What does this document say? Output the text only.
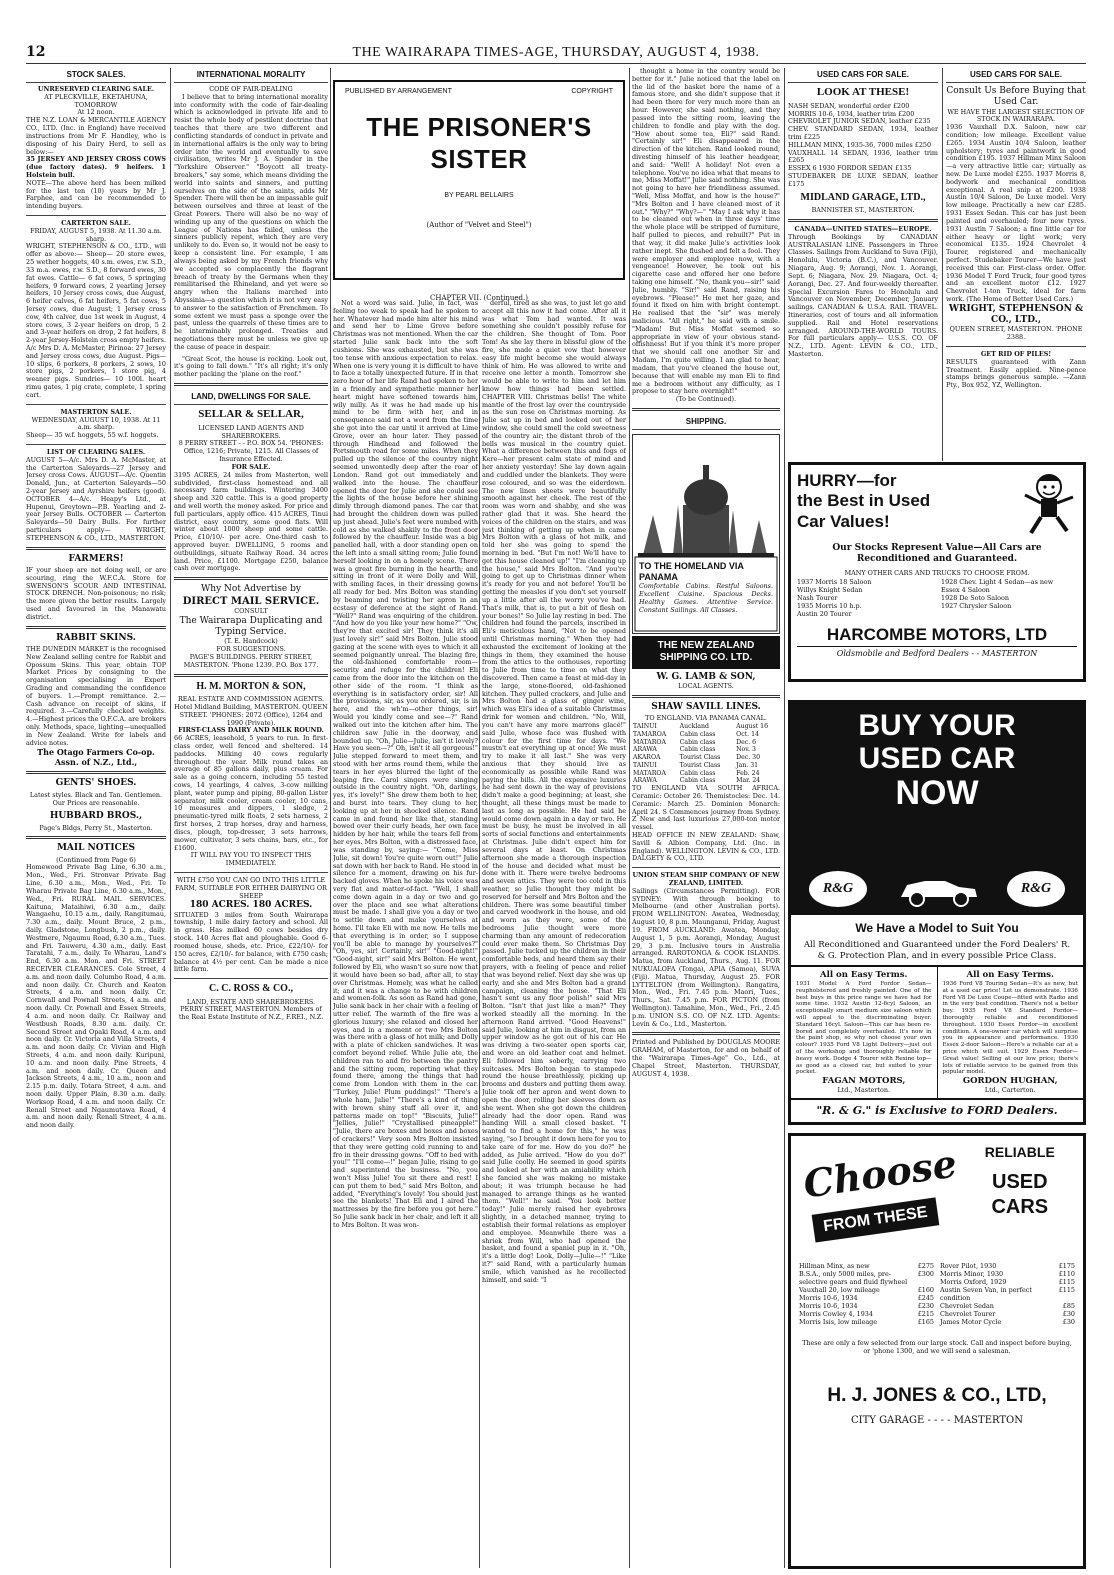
12	THE WAIRARAPA TIMES-AGE, THURSDAY, AUGUST 4, 1938.
STOCK SALES.
UNRESERVED CLEARING SALE.
AT PLECKVILLE, EKETAHUNA, TOMORROW
At 12 noon.

THE N.Z. LOAN & MERCANTILE AGENCY CO., LTD. (Inc. in England) have received instructions from Mr F. Handley, who is disposing of his Dairy Herd, to sell as below:—

35 JERSEY AND JERSEY CROSS COWS (due factory dates). 9 heifers. 1 Holstein bull.

NOTE—The above herd has been milked for the last ten (10) years by Mr J. Farphee, and can be recommended to intending buyers.

CARTERTON SALE.
FRIDAY, AUGUST 5, 1938. At 11.30 a.m. sharp.

WRIGHT, STEPHENSON & CO., LTD., will offer as above:— Sheep— 20 store ewes, 25 wether hoggets, 40 s.m. ewes, r.w. S.D., 33 m.a. ewes, r.w. S.D., 8 forward ewes, 30 fat ewes. Cattle— 6 fat cows, 5 springing heifers, 9 forward cows, 2 yearling Jersey heifers, 10 Jersey cross cows, due August, 6 heifer calves, 6 fat heifers, 5 fat cows, 5 Jersey cows, due August; 1 Jersey cross cow, 4th calver, due 1st week in August, 4 store cows, 3 2-year heifers on drop, 5 2 and 3-year heifers on drop, 2 fat heifers, 8 2-year Jersey-Holstein cross empty heifers. A/c Mrs D. A. McMaster, Pirinoa: 27 Jersey and Jersey cross cows, due August. Pigs— 10 slips, 6 porkers, 8 porkers, 2 sows, 10 store pigs, 2 porkers, 1 store pig, 4 weaner pigs. Sundries— 10 100l. heart rimu gates, 1 pig crate, complete, 1 spring cart.

MASTERTON SALE.
WEDNESDAY, AUGUST 10, 1938. At 11 a.m. sharp.

Sheep— 35 w.f. hoggets, 55 w.f. hoggets.

LIST OF CLEARING SALES.

AUGUST 5—A/c. Mrs D. A. McMaster, at the Carterton Saleyards—27 Jersey and Jersey cross Cows. AUGUST—A/c. Quentin Donald, Jun., at Carterton Saleyards—50 2-year Jersey and Ayrshire heifers (good). OCTOBER 4—A/c. Heapy's Ltd., at Hupenui, Greytown—P.B. Yearling and 2-year Jersey Bulls. OCTOBER — Carterton Saleyards—50 Dairy Bulls. For further particulars apply— WRIGHT, STEPHENSON & CO., LTD., MASTERTON.

FARMERS!

IF your sheep are not doing well, or are scouring, ring the W.F.C.A. Store for SWENSON'S SCOUR AND INTESTINAL STOCK DRENCH. Non-poisonous; no risk; the more given the better results. Largely used and favoured in the Manawatu district.

RABBIT SKINS.

THE DUNEDIN MARKET is the recognised New Zealand selling centre for Rabbit and Opossum Skins. This year, obtain TOP Market Prices by consigning to the organisation specialising in Expert Grading and commanding the confidence of buyers. 1.—Prompt remittance. 2.—Cash advance on receipt of skins, if required. 3.—Carefully checked weights. 4.—Highest prices the O.F.C.A. are brokers only. Methods, space, lighting—unequalled in New Zealand. Write for labels and advice notes.

The Otago Farmers Co-op. Assn. of N.Z., Ltd.,
GENTS' SHOES.

Latest styles. Black and Tan. Gentlemen. Our Prices are reasonable.

HUBBARD BROS.,

Page's Bldgs, Perry St., Masterton.

MAIL NOTICES
(Continued from Page 6)

Homewood Private Bag Line, 6.30 a.m., Mon., Wed., Fri. Stronvar Private Bag Line, 6.30 a.m., Mon., Wed., Fri. Te Wharau Private Bag Line, 6.30 a.m., Mon., Wed., Fri. RURAL MAIL SERVICES. Kaituna, Mataihiwi, 6.30 a.m., daily. Wangaehu, 10.15 a.m., daily. Rangitumau, 7.30 a.m., daily. Mount Bruce, 2 p.m., daily. Gladstone, Longbush, 2 p.m., daily. Westmere, Ngaumu Road, 6.30 a.m., Tues. and Fri. Tauweru, 4.30 a.m., daily. East Taratahi, 7 a.m., daily. Te Wharau, Land's End, 6.30 a.m. Mon. and Fri. STREET RECEIVER CLEARANCES. Cole Street, 4 a.m. and noon daily. Columbo Road, 4 a.m. and noon daily. Cr. Church and Keaton Streets, 4 a.m. and noon daily. Cr. Cornwall and Pownall Streets, 4 a.m. and noon daily. Cr. Pownall and Essex Streets, 4 a.m. and noon daily. Cr. Railway and Westbush Roads, 8.30 a.m. daily. Cr. Second Street and Opaki Road, 4 a.m. and noon daily. Cr. Victoria and Villa Streets, 4 a.m. and noon daily. Cr. Vivian and High Streets, 4 a.m. and noon daily. Kuripuni, 10 a.m. and noon daily. Pine Streets, 4 a.m. and noon daily. Cr. Queen and Jackson Streets, 4 a.m., 10 a.m., noon and 2.15 p.m. daily. Totara Street, 4 a.m. and noon daily. Upper Plain, 8.30 a.m. daily. Worksop Road, 4 a.m. and noon daily. Cr. Renall Street and Ngaumutawa Road, 4 a.m. and noon daily. Renall Street, 4 a.m. and noon daily.

INTERNATIONAL MORALITY
CODE OF FAIR-DEALING

I believe that to bring international morality into conformity with the code of fair-dealing which is acknowledged in private life and to resist the whole body of pestilent doctrine that teaches that there are two different and conflicting standards of conduct in private and in international affairs is the only way to bring order into the world and eventually to save civilisation, writes Mr J. A. Spender in the "Yorkshire Observer." "Boycott all treaty-breakers," say some, which means dividing the world into saints and sinners, and putting ourselves on the side of the saints, adds Mr Spender. There will then be an impassable gulf between ourselves and three at least of the Great Powers. There will also be no way of winding up any of the questions on which the League of Nations has failed, unless the sinners publicly repent, which they are very unlikely to do. Even so, it would not be easy to keep a consistent line. For example, I am always being asked by my French friends why we accepted so complacently the flagrant breach of treaty by the Germans when they remilitarised the Rhineland, and yet were so angry when the Italians marched into Abyssinia—a question which it is not very easy to answer to the satisfaction of Frenchmen. To some extent we must pass a sponge over the past, unless the quarrels of these times are to be interminably prolonged. Treaties and negotiations there must be unless we give up the cause of peace in despair.

"Great Scot, the house is rocking. Look out, it's going to fall down." "It's all right; it's only mother packing the 'plane on the roof."

LAND, DWELLINGS FOR SALE.
SELLAR & SELLAR,
LICENSED LAND AGENTS AND SHAREBROKERS.
8 PERRY STREET - - P.O. BOX 54. 'PHONES: Office, 1216; Private, 1215. All Classes of Insurance Effected.
FOR SALE.

3195 ACRES, 24 miles from Masterton, well subdivided, first-class homestead and all necessary farm buildings. Wintering 3400 sheep and 320 cattle. This is a good property and well worth the money asked. For price and full particulars, apply office. 415 ACRES, Tinui district, easy country, some good flats. Will winter about 1000 sheep and some cattle. Price, £10/10/- per acre. One-third cash to approved buyer. DWELLING, 5 rooms and outbuildings, situate Railway Road. 34 acres land. Price, £1100. Mortgage £250, balance cash over mortgage.

Why Not Advertise by
DIRECT MAIL SERVICE.
CONSULT
The Wairarapa Duplicating and Typing Service.
(T. E. Handcock)
FOR SUGGESTIONS.
PAGE'S BUILDINGS. PERRY STREET, MASTERTON. 'Phone 1239. P.O. Box 177.
H. M. MORTON & SON,
REAL ESTATE AND COMMISSION AGENTS.
Hotel Midland Building, MASTERTON. QUEEN STREET. 'PHONES: 2072 (Office), 1264 and 1990 (Private).
FIRST-CLASS DAIRY AND MILK ROUND.

66 ACRES, leasehold, 5 years to run. In first-class order, well fenced and sheltered. 14 paddocks. Milking 40 cows regularly throughout the year. Milk round takes an average of 85 gallons daily, plus cream. For sale as a going concern, including 55 tested cows, 14 yearlings, 4 calves, 3-cow milking plant, water pump and piping, 80-gallon Lister separator, milk cooler, cream cooler, 10 cans, 10 measures and dippers, 1 sledge, 2 pneumatic-tyred milk floats, 2 sets harness, 2 first horses, 2 trap horses, dray and harness, discs, plough, top-dresser, 3 sets harrows, mower, cultivator, 3 sets chains, bars, etc., for £1600.

IT WILL PAY YOU TO INSPECT THIS IMMEDIATELY.
WITH £750 YOU CAN GO INTO THIS LITTLE FARM, SUITABLE FOR EITHER DAIRYING OR SHEEP
180 ACRES. 180 ACRES.

SITUATED 3 miles from South Wairarapa township, 1 mile dairy factory and school. All in grass. Has milked 60 cows besides dry stock. 140 Acres flat and ploughable. Good 6-roomed house, sheds, etc. Price, £22/10/- for 150 acres, £2/10/- for balance, with £750 cash; balance at 4½ per cent. Can be made a nice little farm.

C. C. ROSS & CO.,
LAND, ESTATE AND SHAREBROKERS.
PERRY STREET, MASTERTON. Members of the Real Estate Institute of N.Z., F.REI., N.Z.
PUBLISHED BY ARRANGEMENT	COPYRIGHT
THE PRISONER'S SISTER
BY PEARL BELLAIRS
(Author of "Velvet and Steel")
CHAPTER VII. (Continued.)

Not a word was said. Julie, in fact, was feeling too weak to speak had he spoken to her. Whatever had made him alter his mind and send her to Lime Grove before Christmas was not mentioned. When the car started Julie sank back into the soft cushions. She was exhausted, but she was too tense with anxious expectation to relax. When one is very young it is difficult to have to face a totally unexpected future. If in that zero hour of her life Rand had spoken to her in a friendly and sympathetic manner her heart might have softened towards him, wily milly. As it was he had made up his mind to be firm with her, and in consequence said not a word from the time she got into the car until it arrived at Lime Grove, over an hour later. They passed through Hindhead and followed the Portsmouth road for some miles. When they pulled up the silence of the country night seemed unwontedly deep after the roar of London. Rand got out immediately and walked into the house. The chauffeur opened the door for Julie and she could see the lights of the house before her shining dimly through diamond panes. The car that had brought the children down was pulled up just ahead. Julie's feet were numbed with cold as she walked shakily to the front door followed by the chauffeur. Inside was a big panelled hall, with a door standing open on the left into a small sitting room; Julie found herself looking in on a homely scene. There was a great fire burning in the hearth; and sitting in front of it were Dolly and Will, with smiling faces, in their dressing gowns all ready for bed. Mrs Bolton was standing by beaming and twisting her apron in an ecstasy of deference at the sight of Rand. "Well?" Rand was enquiring of the children. "And how do you like your new home?" "Ow, they're that excited sir! They think it's all just lovely sir!" said Mrs Bolton. Julie stood gazing at the scene with eyes to which it all seemed poignantly unreal. The blazing fire, the old-fashioned comfortable room—security and refuge for the children! Eli came from the door into the kitchen on the other side of the room. "I think as everything is in satisfactory order, sir! All the provisions, sir, as you ordered, sir, is in here, and the wh'm—other things, sir! Would you kindly come and see—?" Rand walked out into the kitchen after him. The children saw Julie in the doorway, and bounded up. "Oh, Julie—Julie, isn't it lovely? Have you seen—?" Oh, isn't it all gorgeous!" Julie stepped forward to meet them, and stood with her arms round them, while the tears in her eyes blurred the light of the leaping fire. Carol singers were singing outside in the country night. "Oh, darlings, yes, it's lovely!" She drew them both to her, and burst into tears. They clung to her, looking up at her in shocked silence. Rand came in and found her like that, standing bowed over their curly heads, her own face hidden by her hair, while the tears fell from her eyes. Mrs Bolton, with a distressed face, was standing by, saying:— "Come, Miss Julie, sit down! You're quite worn out!" Julie sat down with her back to Rand. He stood in silence for a moment, drawing on his fur-backed gloves. When he spoke his voice was very flat and matter-of-fact. "Well, I shall come down again in a day or two and go over the place and see what alterations must be made. I shall give you a day or two to settle down and make yourselves at home. I'll take Eli with me now. He tells me that everything is in order, so I suppose you'll be able to manage by yourselves?" "Oh, yes, sir! Certainly, sir!" "Good-night!" "Good-night, sir!" said Mrs Bolton. He went, followed by Eli, who wasn't so sure now that it would have been so bad, after all, to stay over Christmas. Homely, was what he called it; and it was a change to be with children and women-folk. As soon as Rand had gone, Julie sank back in her chair with a feeling of utter relief. The warmth of the fire was a glorious luxury; she relaxed and closed her eyes, and in a moment or two Mrs Bolton was there with a glass of hot milk; and Dolly with a plate of chicken sandwiches. It was comfort beyond relief. While Julie ate, the children ran to and fro between the pantry and the sitting room, reporting what they found there, among the things that had come from London with them in the car. "Turkey, Julie! Plum puddings!" "There's a whole ham, Julie!" "There's a kind of thing with brown shiny stuff all over it, and patterns made on top!" "Biscuits, Julie!" "Jellies, Julie!" "Crystallised pineapple!" "Julie, there are boxes and boxes and boxes of crackers!" Very soon Mrs Bolton insisted that they were getting cold running to and fro in their dressing gowns. "Off to bed with you!" "I'll come—!" began Julie, rising to go and superintend the business. "No, you won't Miss Julie! You sit there and rest! I can put them to bed," said Mrs Bolton, and added, "Everything's lovely! You should just see the blankets! That Eli and I aired the mattresses by the fire before you got here." So Julie sank back in her chair, and left it all to Mrs Bolton. It was won-

derful, tired as she was, to just let go and accept all this now it had come. After all it was what Tom had wanted. It was something she couldn't possibly refuse for the children. She thought of Tom. Poor Tom! As she lay there in blissful glow of the fire, she made a quiet vow that however easy life might become she would always think of him. He was allowed to write and receive one letter a month. Tomorrow she would be able to write to him and let him know how things had been settled. CHAPTER VIII. Christmas bells! The white mantle of the frost lay over the countryside as the sun rose on Christmas morning. As Julie sat up in bed and looked out of her window, she could smell the cold sweetness of the country air; the distant throb of the bells was musical in the country quiet. What a difference between this and fogs of Kere—her present calm state of mind and her anxiety yesterday! She lay down again and cuddled under the blankets. They were rose coloured, and so was the eiderdown. The new linen sheets were beautifully smooth against her cheek. The rest of the room was worn and shabby, and she was rather glad that it was. She heard the voices of the children on the stairs, and was just thinking of getting up when in came Mrs Bolton with a glass of hot milk, and told her she was going to spend the morning in bed. "But I'm not! We'll have to get this house cleaned up!" "I'm cleaning up the house," said Mrs Bolton. "And you're going to get up to Christmas dinner when it's ready for you and not before! You'll be getting the measles if you don't set yourself up a little after all the worry you've had. That's milk, that is, to put a bit of flesh on your bones!" So Julie lay resting in bed. The children had found the parcels, inscribed in Eli's meticulous hand, "Not to be opened until Christmas morning." When they had exhausted the excitement of looking at the things in them, they examined the house from the attics to the outhouses, reporting to Julie from time to time on what they discovered. Then came a feast at mid-day in the large, stone-floored, old-fashioned kitchen. They pulled crackers, and Julie and Mrs Bolton had a glass of ginger wine, which was Eli's idea of a suitable Christmas drink for women and children. "No, Will, you can't have any more marrons glacé!" said Julie, whose face was flushed with colour for the first time for days. "We mustn't eat everything up at once! We must try to make it all last." She was very anxious that they should live as economically as possible while Rand was paying the bills. All the expensive luxuries he had sent down in the way of provisions didn't make a good beginning; at least, she thought, all these things must be made to last as long as possible. He had said he would come down again in a day or two. He must be busy, he must be involved in all sorts of social functions and entertainments at Christmas. Julie didn't expect him for several days at least. On Christmas afternoon she made a thorough inspection of the house and decided what must be done with it. There were twelve bedrooms and seven attics. They were too cold in this weather, so Julie thought they might be reserved for herself and Mrs Bolton and the children. There was some beautiful timber and carved woodwork in the house, and old and worn as they were, some of the bedrooms Julie thought were more charming than any amount of redecoration could ever make them. So Christmas Day passed. Julie tucked up the children in their comfortable beds, and heard them say their prayers, with a feeling of peace and relief that was beyond relief. Next day she was up early, and she and Mrs Bolton had a grand campaign, cleaning the house. "That Eli hasn't sent us any floor polish!" said Mrs Bolton. "Isn't that just like a man?" They worked steadily all the morning. In the afternoon Rand arrived. "Good Heavens!" said Julie, looking at him in disgust, from an upper window as he got out of his car. He was driving a two-seater open sports car, and wore an old leather coat and helmet. Eli followed him soberly, carrying two suitcases. Mrs Bolton began to stampede round the house breathlessly, picking up brooms and dusters and putting them away. Julie took off her apron and went down to open the door, rolling her sleeves down as she went. When she got down the children already had the door open. Rand was handing Will a small closed basket. "I wanted to find a home for this," he was saying, "so I brought it down here for you to take care of for me. How do you do?" he added, as Julie arrived. "How do you do?" said Julie coolly. He seemed in good spirits and looked at her with an amiability which she fancied she was making no mistake about; it was triumph because he had managed to arrange things as he wanted them. "Well!" he said. "You look better today!" Julie merely raised her eyebrows slightly, in a detached manner, trying to establish their formal relations as employer and employee. Meanwhile there was a shriek from Will, who had opened the basket, and found a spaniel pup in it. "Oh, it's a little dog! Look, Dolly—Julie—!" "Like it?" said Rand, with a particularly human smile, which vanished as he recollected himself, and said: "I

thought a home in the country would be better for it." Julie noticed that the label on the lid of the basket bore the name of a famous store, and she didn't suppose that it had been there for very much more than an hour. However, she said nothing, and they passed into the sitting room, leaving the children to fondle and play with the dog. "How about some tea, Eli?" said Rand. "Certainly sir!" Eli disappeared in the direction of the kitchen. Rand looked round, divesting himself of his leather headgear, and said: "Well! A holiday! Not even a telephone. You've no idea what that means to me, Miss Moffat!" Julie said nothing. She was not going to have her friendliness assumed. "Well, Miss Moffat, and how is the house?" "Mrs Bolton and I have cleaned most of it out." "Why?" "Why?—" "May I ask why it has to be cleaned out when in three days' time the whole place will be stripped of furniture, half pulled to pieces, and rebuilt?" Put in that way, it did make Julie's activities look rather inept. She flushed and felt a fool. They were employer and employee now, with a vengeance! However, he took out his cigarette case and offered her one before taking one himself. "No, thank you—sir!" said Julie, humbly. "Sir!" said Rand, raising his eyebrows. "Please!" He met her gaze, and found it fixed on him with bright contempt. He realised that the "sir" was merely malicious. "All right," he said with a smile. "Madam! But Miss Moffat seemed so appropriate in view of your obvious stand-offishness! But if you think it's more proper that we should call one another Sir and Madam, I'm quite willing. I am glad to hear, madam, that you've cleaned the house out, because that will enable my man Eli to find me a bedroom without any difficulty, as I propose to stay here overnight!"

(To be Continued).
SHIPPING.
TO THE HOMELAND VIA PANAMA
Comfortable Cabins. Restful Saloons. Excellent Cuisine. Spacious Decks. Healthy Games. Attentive Service. Constant Sailings. All Classes.
THE NEW ZEALAND SHIPPING CO. LTD.
W. G. LAMB & SON,
LOCAL AGENTS.
SHAW SAVILL LINES.
TO ENGLAND. VIA PANAMA CANAL.
TAINUI	Auckland	August 16
TAMAROA	Cabin class	Oct. 14
MATAROA	Cabin class	Dec. 6
ARAWA	Cabin class	Nov. 3
AKAROA	Tourist Class	Dec. 30
TAINUI	Tourist Class	Jan. 31
MATAROA	Cabin class	Feb. 24
ARAWA	Cabin class	Mar. 24

TO ENGLAND VIA SOUTH AFRICA. Ceramic: October 26. Themistocles: Dec. 14. Ceramic: March 25. Dominion Monarch: April 24. S Commences journey from Sydney. Z New and last luxurious 27,000-ton motor vessel.

HEAD OFFICE IN NEW ZEALAND: Shaw, Savill & Albion Company, Ltd. (Inc. in England). WELLINGTON. LEVIN & CO., LTD. DALGETY & CO., LTD.

UNION STEAM SHIP COMPANY OF NEW ZEALAND, LIMITED.

Sailings (Circumstances Permitting). FOR SYDNEY: With through booking to Melbourne (and other Australian ports). FROM WELLINGTON: Awatea, Wednesday, August 10, 8 p.m. Maunganui, Friday, August 19. FROM AUCKLAND: Awatea, Monday, August 1, 5 p.m. Aorangi, Monday, August 29, 3 p.m. Inclusive tours in Australia arranged. RAROTONGA & COOK ISLANDS. Matua, from Auckland, Thurs., Aug. 11. FOR NUKUALOFA (Tonga), APIA (Samoa), SUVA (Fiji). Matua, Thursday, August 25. FOR LYTTELTON (from Wellington). Rangatira, Mon., Wed., Fri. 7.45 p.m. Maori, Tues., Thurs., Sat. 7.45 p.m. FOR PICTON (from Wellington). Tamahine, Mon., Wed., Fri., 2.45 p.m. UNION S.S. CO. OF N.Z. LTD. Agents: Levin & Co., Ltd., Masterton.

Printed and Published by DOUGLAS MOORE GRAHAM, of Masterton, for and on behalf of the "Wairarapa Times-Age" Co., Ltd., at Chapel Street, Masterton. THURSDAY, AUGUST 4, 1938.

USED CARS FOR SALE.
LOOK AT THESE!
NASH SEDAN, wonderful order £200
MORRIS 10-6, 1934, leather trim £200
CHEVROLET JUNIOR SEDAN, leather £235
CHEV. STANDARD SEDAN, 1934, leather trim £225
HILLMAN MINX, 1935-36, 7000 miles £250
VAUXHALL 14 SEDAN, 1936, leather trim £265
ESSEX 6 1930 FORDOR SEDAN £135
STUDEBAKER DE LUXE SEDAN, leather £175
MIDLAND GARAGE, LTD.,
BANNISTER ST., MASTERTON.
CANADA—UNITED STATES—EUROPE.

Through Bookings by CANADIAN AUSTRALASIAN LINE. Passengers in Three Classes. Sailings from Auckland to Suva (Fiji), Honolulu, Victoria (B.C.), and Vancouver. Niagara, Aug. 9; Aorangi, Nov. 1. Aorangi, Sept. 6; Niagara, Nov. 29. Niagara, Oct. 4; Aorangi, Dec. 27. And four-weekly thereafter. Special Excursion Fares to Honolulu and Vancouver on November, December, January sailings. CANADIAN & U.S.A. RAIL TRAVEL. Itineraries, cost of tours and all information supplied. Rail and Hotel reservations arranged. AROUND-THE-WORLD TOURS. For full particulars apply— U.S.S. CO. OF N.Z., LTD. Agent: LEVIN & CO., LTD., Masterton.

USED CARS FOR SALE.
Consult Us Before Buying that Used Car.
WE HAVE THE LARGEST SELECTION OF STOCK IN WAIRARAPA.

1936 Vauxhall D.X. Saloon, new car condition; low mileage. Excellent value £265. 1934 Austin 10/4 Saloon, leather upholstery; tyres and paintwork in good condition £195. 1937 Hillman Minx Saloon—a very attractive little car; virtually as new. De Luxe model £255. 1937 Morris 8, bodywork and mechanical condition exceptional. A real snip at £200. 1938 Austin 10/4 Saloon, De Luxe model. Very low mileage. Practically a new car £285. 1931 Essex Sedan. This car has just been painted and overhauled; four new tyres. 1931 Austin 7 Saloon; a fine little car for either heavy or light work; very economical £135. 1924 Chevrolet 4 Tourer, registered and mechanically perfect. Studebaker Tourer—We have just received this car. First-class order. Offer. 1936 Model T Ford Truck, four good tyres and an excellent motor £12. 1927 Chevrolet 1-ton Truck, ideal for farm work. (The Home of Better Used Cars.)

WRIGHT, STEPHENSON & CO., LTD.,
QUEEN STREET, MASTERTON. 'PHONE 2388.
GET RID OF PILES!

RESULTS guaranteed with Zann Treatment. Easily applied. Nine-pence stamps brings generous sample. —Zann Pty., Box 952, YZ, Wellington.

HURRY—for
the Best in Used
Car Values!
Our Stocks Represent Value—All Cars are Reconditioned and Guaranteed.
MANY OTHER CARS AND TRUCKS TO CHOOSE FROM.
1937 Morris 18 Saloon
Willys Knight Sedan
Nash Tourer
1935 Morris 10 h.p.
Austin 20 Tourer
1928 Chev. Light 4 Sedan—as new
Essex 4 Saloon
1928 De Soto Saloon
1927 Chrysler Saloon
HARCOMBE MOTORS, LTD
Oldsmobile and Bedford Dealers - - MASTERTON
BUY YOUR
USED CAR
NOW
R&G	R&G
We Have a Model to Suit You
All Reconditioned and Guaranteed under the Ford Dealers' R. & G. Protection Plan, and in every possible Price Class.
All on Easy Terms.

1931 Model A Ford Fordor Sedan—reupholstered and freshly painted. One of the best buys in this price range we have had for some time. 1932 Austin 12-6cyl Saloon, an exceptionally smart medium size saloon which will appeal to the discriminating buyer. Standard 16cyl. Saloon—This car has been re-bored and completely overhauled. It's now in the paint shop, so why not choose your own colour? 1935 Ford V8 Light Delivery—just out of the workshop and thoroughly reliable for heavy work. Dodge 4 Tourer with Rexine top—as good as a closed car, but suited to your pocket.

FAGAN MOTORS,
Ltd., Masterton.
All on Easy Terms.

1936 Ford V8 Touring Sedan—It's as new, but at a used car price! Let us demonstrate. 1936 Ford V8 De Luxe Coupe—fitted with Radio and in the very best condition. There's not a better buy. 1935 Ford V8 Standard Fordor—thoroughly reliable and reconditioned throughout. 1930 Essex Fordor—in excellent condition. A one-owner car which will surprise you in appearance and performance. 1930 Essex 2-door Saloon—Here's a reliable car at a price which will suit. 1929 Essex Fordor—Great value! Selling at our low price; there's lots of reliable service to be gained from this popular model.

GORDON HUGHAN,
Ltd., Carterton.
"R. & G." is Exclusive to FORD Dealers.
Choose
FROM THESE
RELIABLE
USED
CARS
Hillman Minx, as new	£275
B.S.A., only 5000 miles, pre-selective gears and fluid flywheel
£300
Vauxhall 20, low mileage	£160
Morris 10-6, 1934	£245
Morris 10-6, 1934	£230
Morris Cowley 4, 1934	£215
Morris Isis, low mileage	£165
Rover Pilot, 1930	£175
Morris Minor, 1930	£110
Morris Oxford, 1929	£115
Austin Seven Van, in perfect condition
£115
Chevrolet Sedan	£85
Chevrolet Tourer	£30
James Motor Cycle	£30
These are only a few selected from our large stock. Call and inspect before buying, or 'phone 1300, and we will send a salesman.
H. J. JONES & CO., LTD,
CITY GARAGE - - - - MASTERTON
